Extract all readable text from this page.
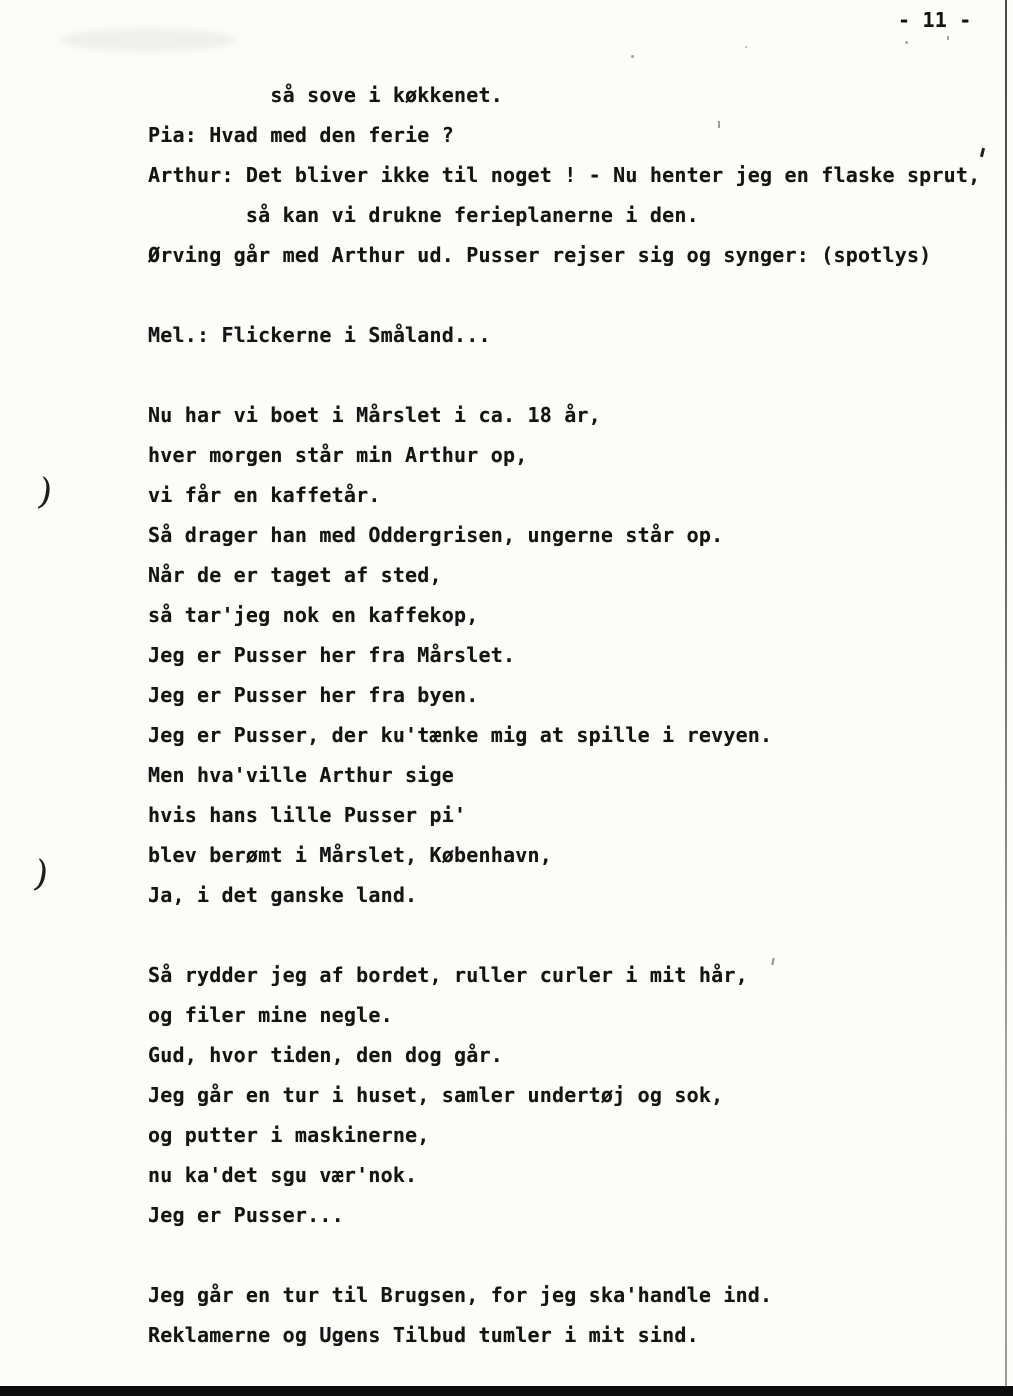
- 11 -
)
)
så sove i køkkenet.
Pia: Hvad med den ferie ?
Arthur: Det bliver ikke til noget ! - Nu henter jeg en flaske sprut,
så kan vi drukne ferieplanerne i den.
Ørving går med Arthur ud. Pusser rejser sig og synger: (spotlys)
Mel.: Flickerne i Småland...
Nu har vi boet i Mårslet i ca. 18 år,
hver morgen står min Arthur op,
vi får en kaffetår.
Så drager han med Oddergrisen, ungerne står op.
Når de er taget af sted,
så tar'jeg nok en kaffekop,
Jeg er Pusser her fra Mårslet.
Jeg er Pusser her fra byen.
Jeg er Pusser, der ku'tænke mig at spille i revyen.
Men hva'ville Arthur sige
hvis hans lille Pusser pi'
blev berømt i Mårslet, København,
Ja, i det ganske land.
Så rydder jeg af bordet, ruller curler i mit hår,
og filer mine negle.
Gud, hvor tiden, den dog går.
Jeg går en tur i huset, samler undertøj og sok,
og putter i maskinerne,
nu ka'det sgu vær'nok.
Jeg er Pusser...
Jeg går en tur til Brugsen, for jeg ska'handle ind.
Reklamerne og Ugens Tilbud tumler i mit sind.
